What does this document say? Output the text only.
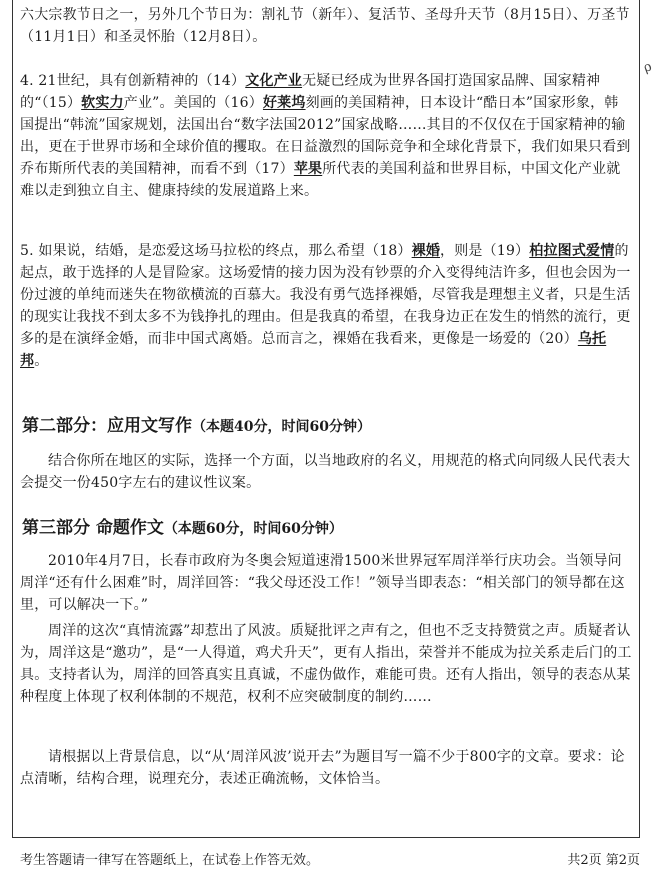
六大宗教节日之一，另外几个节日为：割礼节（新年）、复活节、圣母升天节（8月15日）、万圣节（11月1日）和圣灵怀胎（12月8日）。

4. 21世纪，具有创新精神的（14）文化产业无疑已经成为世界各国打造国家品牌、国家精神的“（15）软实力产业”。美国的（16）好莱坞刻画的美国精神，日本设计“酷日本”国家形象，韩国提出“韩流”国家规划，法国出台“数字法国2012”国家战略……其目的不仅仅在于国家精神的输出，更在于世界市场和全球价值的攫取。在日益激烈的国际竞争和全球化背景下，我们如果只看到乔布斯所代表的美国精神，而看不到（17）苹果所代表的美国利益和世界目标，中国文化产业就难以走到独立自主、健康持续的发展道路上来。

5. 如果说，结婚，是恋爱这场马拉松的终点，那么希望（18）裸婚，则是（19）柏拉图式爱情的起点，敢于选择的人是冒险家。这场爱情的接力因为没有钞票的介入变得纯洁许多，但也会因为一份过渡的单纯而迷失在物欲横流的百慕大。我没有勇气选择裸婚，尽管我是理想主义者，只是生活的现实让我找不到太多不为钱挣扎的理由。但是我真的希望，在我身边正在发生的悄然的流行，更多的是在演绎金婚，而非中国式离婚。总而言之，裸婚在我看来，更像是一场爱的（20）乌托邦。

第二部分：应用文写作（本题40分，时间60分钟）

结合你所在地区的实际，选择一个方面，以当地政府的名义，用规范的格式向同级人民代表大会提交一份450字左右的建议性议案。

第三部分 命题作文（本题60分，时间60分钟）

2010年4月7日，长春市政府为冬奥会短道速滑1500米世界冠军周洋举行庆功会。当领导问周洋“还有什么困难”时，周洋回答：“我父母还没工作！”领导当即表态：“相关部门的领导都在这里，可以解决一下。”

周洋的这次“真情流露”却惹出了风波。质疑批评之声有之，但也不乏支持赞赏之声。质疑者认为，周洋这是“邀功”，是“一人得道，鸡犬升天”，更有人指出，荣誉并不能成为拉关系走后门的工具。支持者认为，周洋的回答真实且真诚，不虚伪做作，难能可贵。还有人指出，领导的表态从某种程度上体现了权利体制的不规范，权利不应突破制度的制约……

请根据以上背景信息，以“从‘周洋风波’说开去”为题目写一篇不少于800字的文章。要求：论点清晰，结构合理，说理充分，表述正确流畅，文体恰当。

考生答题请一律写在答题纸上，在试卷上作答无效。	共2页 第2页
ρ
